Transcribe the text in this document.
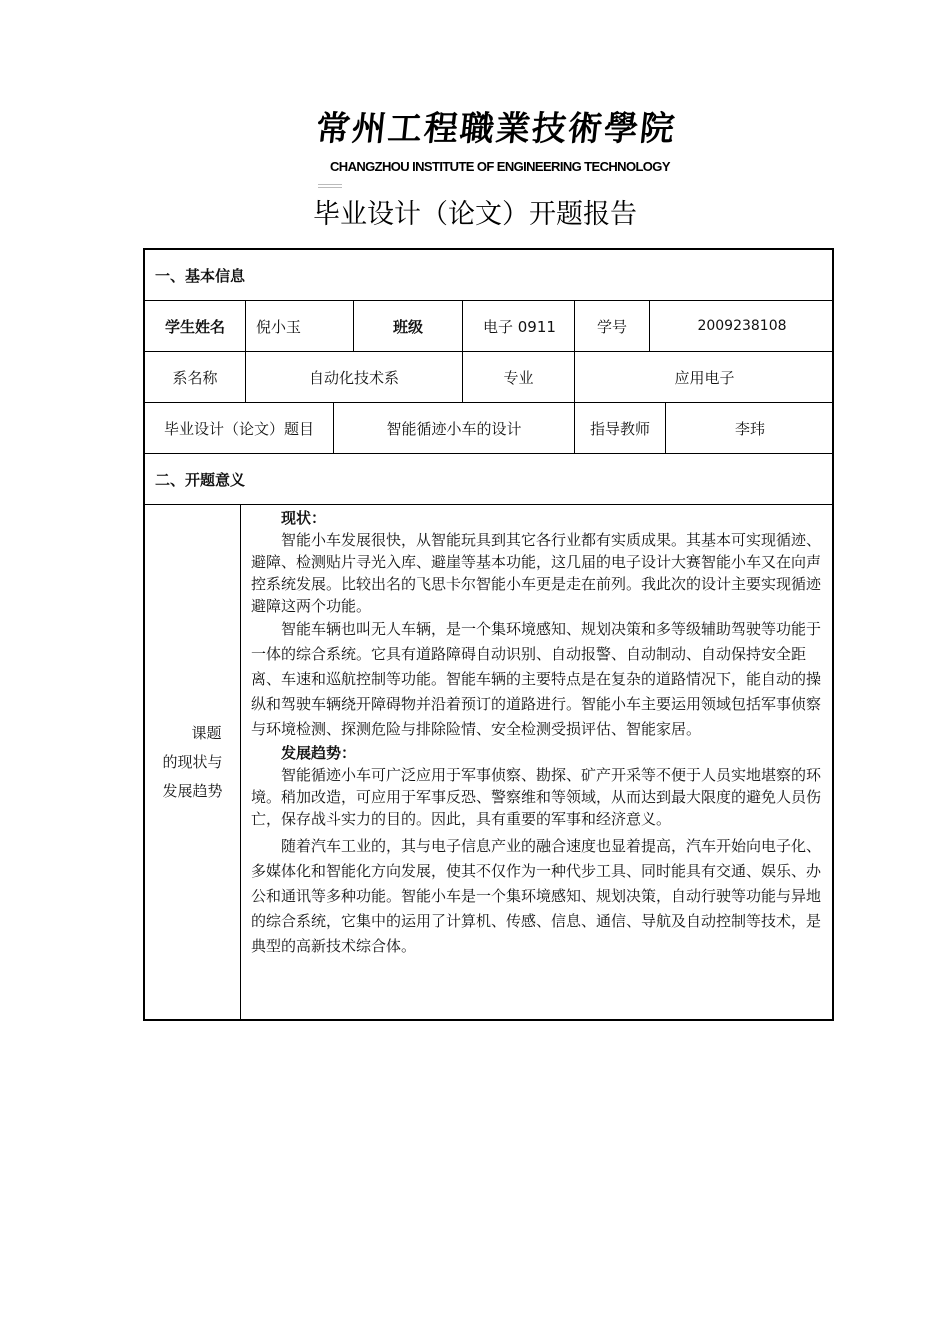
常州工程職業技術學院
CHANGZHOU INSTITUTE OF ENGINEERING TECHNOLOGY
毕业设计（论文）开题报告
一、基本信息
学生姓名	倪小玉	班级	电子 0911	学号	2009238108
系名称	自动化技术系	专业	应用电子
毕业设计（论文）题目	智能循迹小车的设计	指导教师	李玮
二、开题意义
课题
的现状与
发展趋势

现状：

智能小车发展很快，从智能玩具到其它各行业都有实质成果。其基本可实现循迹、避障、检测贴片寻光入库、避崖等基本功能，这几届的电子设计大赛智能小车又在向声控系统发展。比较出名的飞思卡尔智能小车更是走在前列。我此次的设计主要实现循迹避障这两个功能。

智能车辆也叫无人车辆，是一个集环境感知、规划决策和多等级辅助驾驶等功能于一体的综合系统。它具有道路障碍自动识别、自动报警、自动制动、自动保持安全距离、车速和巡航控制等功能。智能车辆的主要特点是在复杂的道路情况下，能自动的操纵和驾驶车辆绕开障碍物并沿着预订的道路进行。智能小车主要运用领域包括军事侦察与环境检测、探测危险与排除险情、安全检测受损评估、智能家居。

发展趋势：

智能循迹小车可广泛应用于军事侦察、勘探、矿产开采等不便于人员实地堪察的环境。稍加改造，可应用于军事反恐、警察维和等领域，从而达到最大限度的避免人员伤亡，保存战斗实力的目的。因此，具有重要的军事和经济意义。

随着汽车工业的，其与电子信息产业的融合速度也显着提高，汽车开始向电子化、多媒体化和智能化方向发展，使其不仅作为一种代步工具、同时能具有交通、娱乐、办公和通讯等多种功能。智能小车是一个集环境感知、规划决策，自动行驶等功能与异地的综合系统，它集中的运用了计算机、传感、信息、通信、导航及自动控制等技术，是典型的高新技术综合体。
